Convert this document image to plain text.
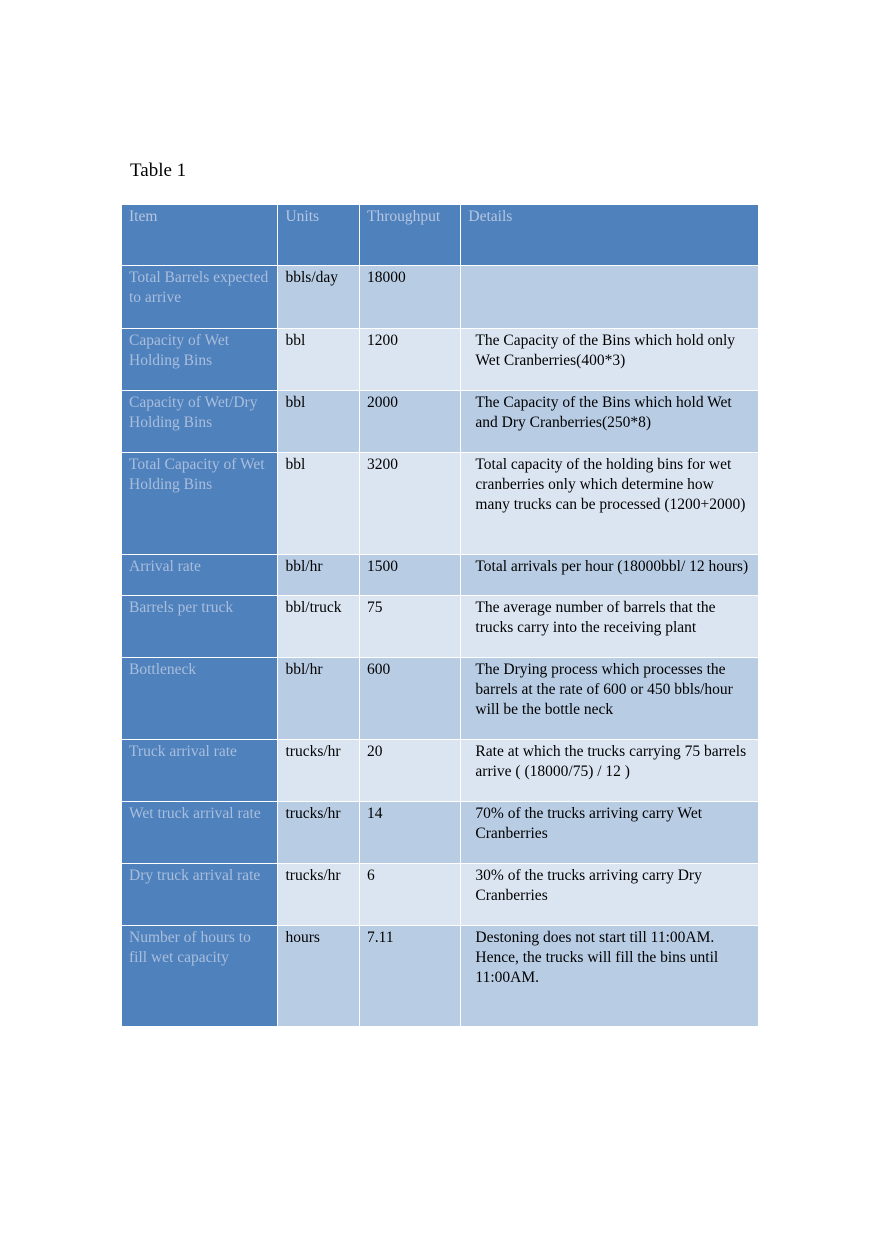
Table 1
Item	Units	Throughput	Details
Total Barrels expected to arrive	bbls/day	18000	

Capacity of Wet Holding Bins	bbl	1200	The Capacity of the Bins which hold only Wet Cranberries(400*3)

Capacity of Wet/Dry Holding Bins	bbl	2000	The Capacity of the Bins which hold Wet and Dry Cranberries(250*8)

Total Capacity of Wet Holding Bins	bbl	3200	Total capacity of the holding bins for wet cranberries only which determine how many trucks can be processed (1200+2000)

Arrival rate	bbl/hr	1500	Total arrivals per hour (18000bbl/ 12 hours)

Barrels per truck	bbl/truck	75	The average number of barrels that the trucks carry into the receiving plant

Bottleneck	bbl/hr	600	The Drying process which processes the barrels at the rate of 600 or 450 bbls/hour will be the bottle neck

Truck arrival rate	trucks/hr	20	Rate at which the trucks carrying 75 barrels arrive ( (18000/75) / 12 )

Wet truck arrival rate	trucks/hr	14	70% of the trucks arriving carry Wet Cranberries

Dry truck arrival rate	trucks/hr	6	30% of the trucks arriving carry Dry Cranberries

Number of hours to fill wet capacity	hours	7.11	Destoning does not start till 11:00AM. Hence, the trucks will fill the bins until 11:00AM.
